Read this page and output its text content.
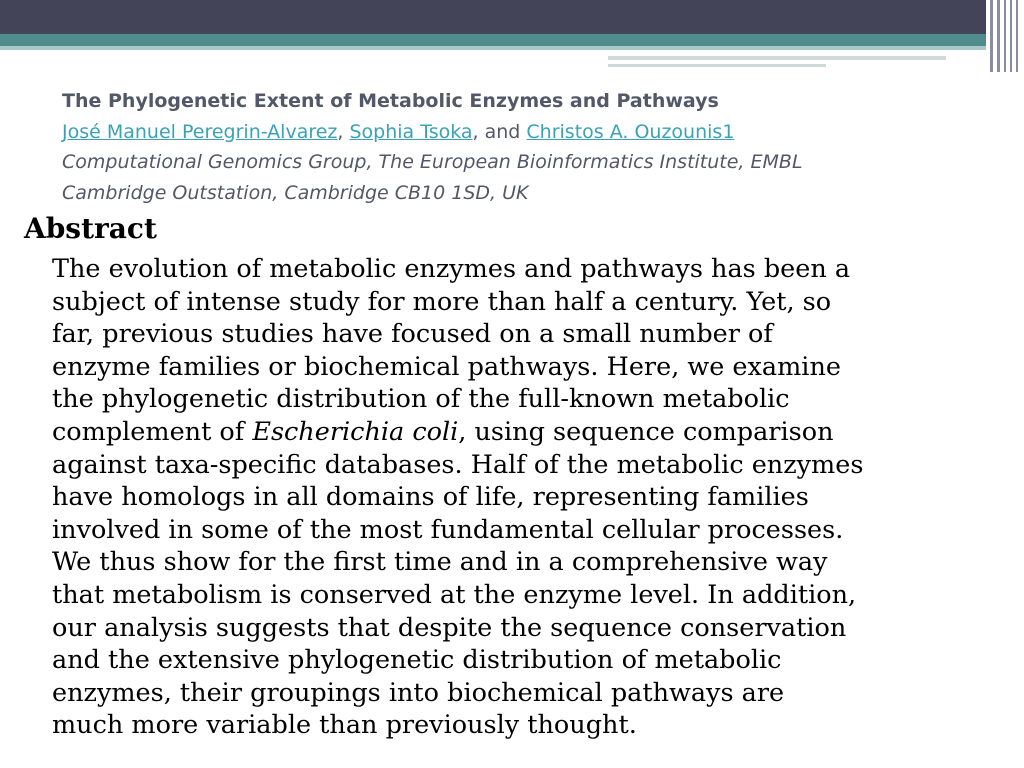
The Phylogenetic Extent of Metabolic Enzymes and Pathways

José Manuel Peregrin-Alvarez, Sophia Tsoka, and Christos A. Ouzounis1

Computational Genomics Group, The European Bioinformatics Institute, EMBL

Cambridge Outstation, Cambridge CB10 1SD, UK

Abstract
The evolution of metabolic enzymes and pathways has been a
subject of intense study for more than half a century. Yet, so
far, previous studies have focused on a small number of
enzyme families or biochemical pathways. Here, we examine
the phylogenetic distribution of the full-known metabolic
complement of Escherichia coli, using sequence comparison
against taxa-specific databases. Half of the metabolic enzymes
have homologs in all domains of life, representing families
involved in some of the most fundamental cellular processes.
We thus show for the first time and in a comprehensive way
that metabolism is conserved at the enzyme level. In addition,
our analysis suggests that despite the sequence conservation
and the extensive phylogenetic distribution of metabolic
enzymes, their groupings into biochemical pathways are
much more variable than previously thought.
